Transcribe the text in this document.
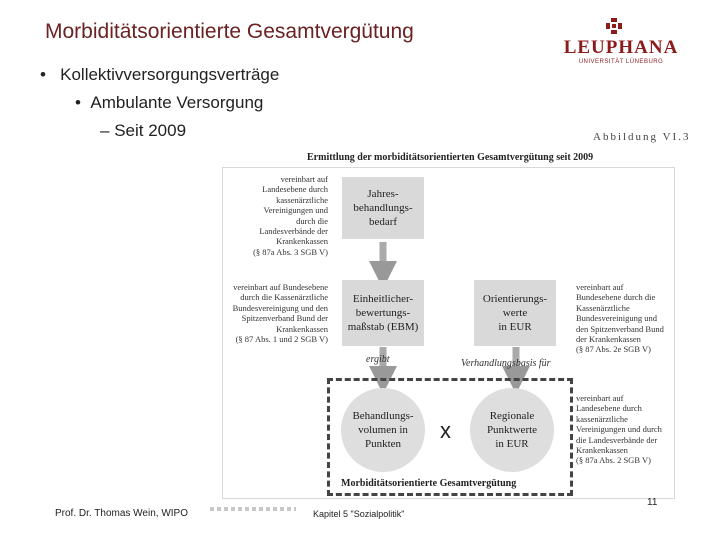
Morbiditätsorientierte Gesamtvergütung
LEUPHANA
UNIVERSITÄT LÜNEBURG
• Kollektivversorgungsverträge
• Ambulante Versorgung
– Seit 2009	Abbildung VI.3
Ermittlung der morbiditätsorientierten Gesamtvergütung seit 2009
vereinbart auf
Landesebene durch
kassenärztliche
Vereinigungen und
durch die
Landesverbände der
Krankenkassen
(§ 87a Abs. 3 SGB V)
vereinbart auf Bundesebene
durch die Kassenärztliche
Bundesvereinigung und den
Spitzenverband Bund der
Krankenkassen
(§ 87 Abs. 1 und 2 SGB V)
vereinbart auf
Bundesebene durch die
Kassenärztliche
Bundesvereinigung und
den Spitzenverband Bund
der Krankenkassen
(§ 87 Abs. 2e SGB V)
vereinbart auf
Landesebene durch
kassenärztliche
Vereinigungen und durch
die Landesverbände der
Krankenkassen
(§ 87a Abs. 2 SGB V)
Jahres-
behandlungs-
bedarf
Einheitlicher-
bewertungs-
maßstab (EBM)
Orientierungs-
werte
in EUR
ergibt	Verhandlungsbasis für
Behandlungs-
volumen in
Punkten
Regionale
Punktwerte
in EUR
x
Morbiditätsorientierte Gesamtvergütung
Prof. Dr. Thomas Wein, WIPO	Kapitel 5 "Sozialpolitik"
11
